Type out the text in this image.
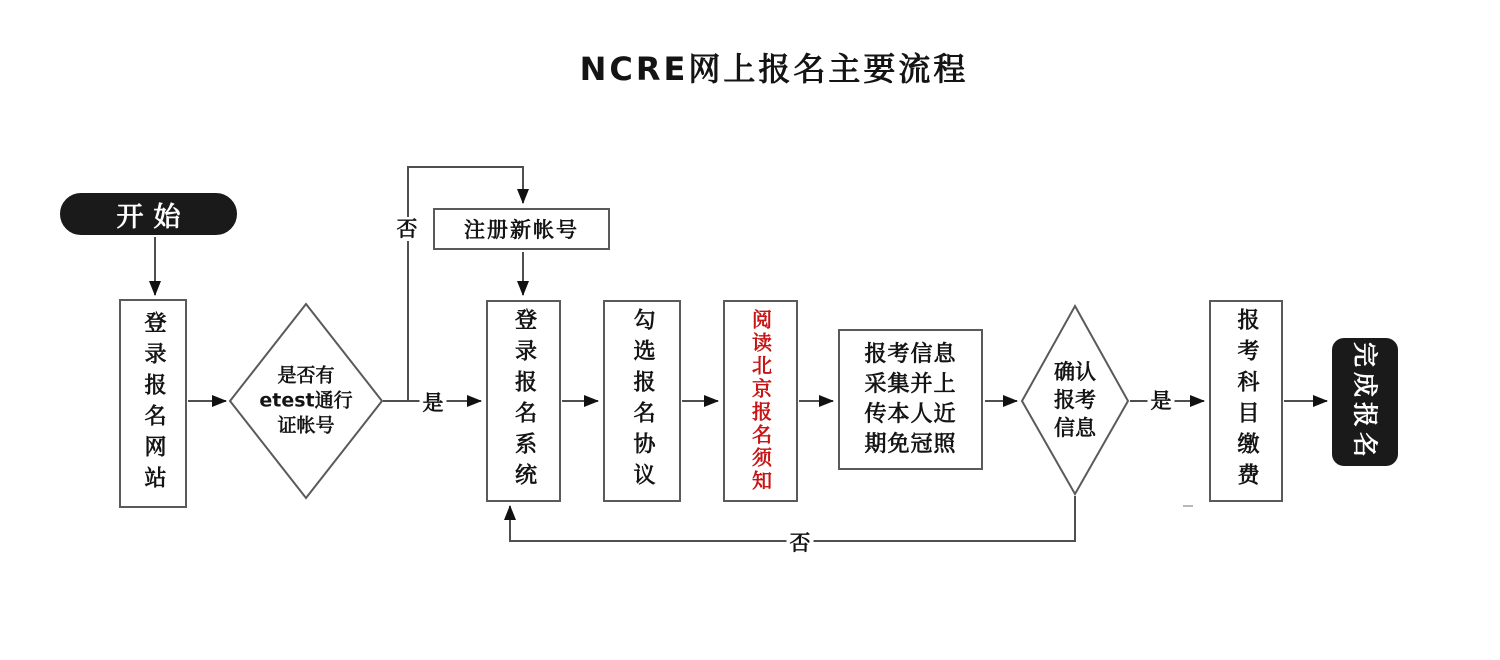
NCRE网上报名主要流程
开始
登录报名网站	是否有
etest通行
证帐号
注册新帐号
登录报名系统	勾选报名协议	阅读北京报名须知	报考信息
采集并上
传本人近
期免冠照
确认
报考
信息	报考科目缴费	完成报名
否
是	是
否
